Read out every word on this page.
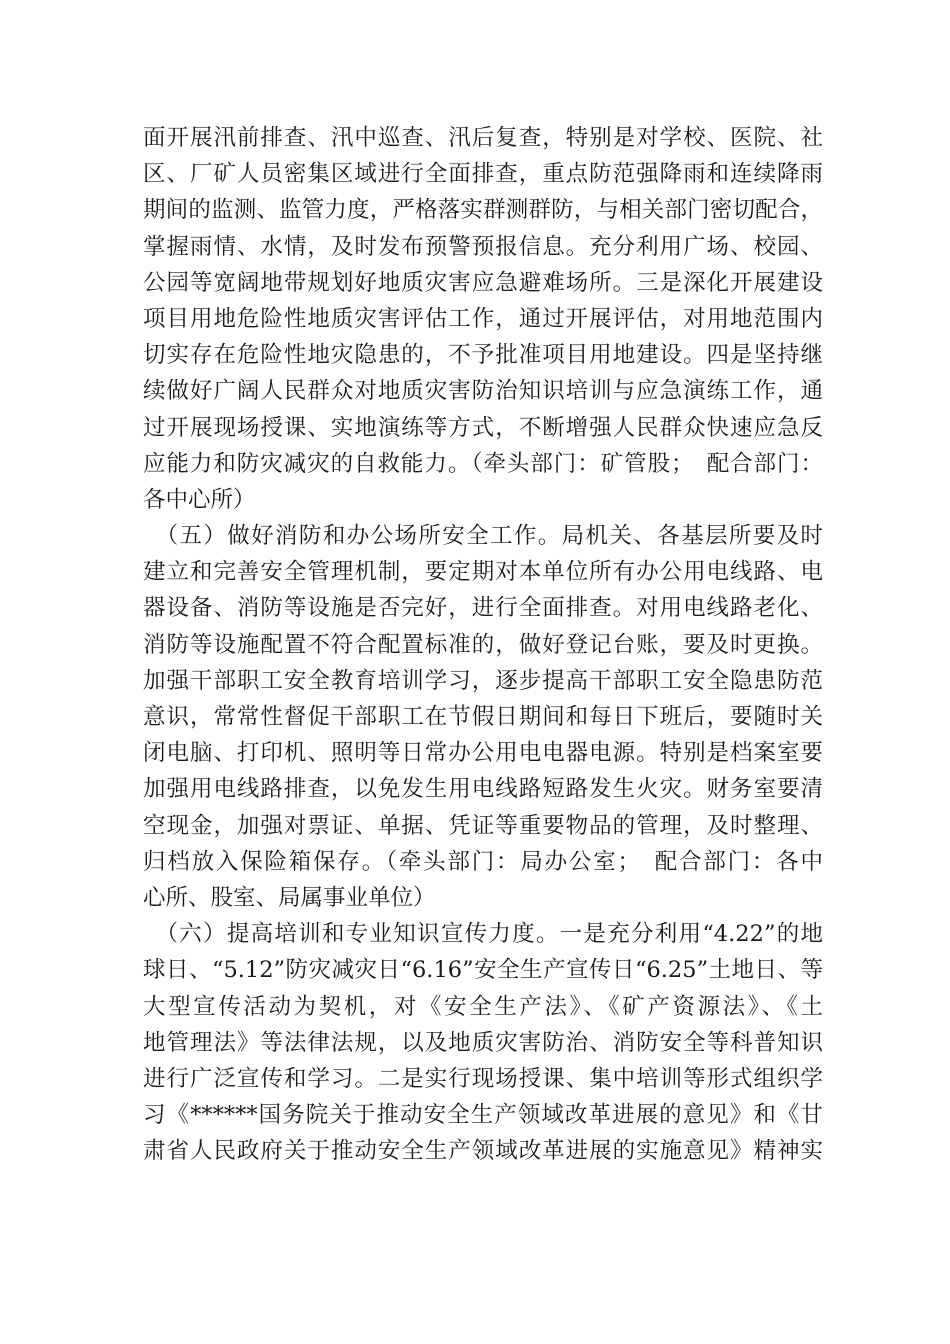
面开展汛前排查、汛中巡查、汛后复查，特别是对学校、医院、社
区、厂矿人员密集区域进行全面排查，重点防范强降雨和连续降雨
期间的监测、监管力度，严格落实群测群防，与相关部门密切配合，
掌握雨情、水情，及时发布预警预报信息。充分利用广场、校园、
公园等宽阔地带规划好地质灾害应急避难场所。三是深化开展建设
项目用地危险性地质灾害评估工作，通过开展评估，对用地范围内
切实存在危险性地灾隐患的，不予批准项目用地建设。四是坚持继
续做好广阔人民群众对地质灾害防治知识培训与应急演练工作，通
过开展现场授课、实地演练等方式，不断增强人民群众快速应急反
应能力和防灾减灾的自救能力。（牵头部门：矿管股；　配合部门：
各中心所）
　（五）做好消防和办公场所安全工作。局机关、各基层所要及时
建立和完善安全管理机制，要定期对本单位所有办公用电线路、电
器设备、消防等设施是否完好，进行全面排查。对用电线路老化、
消防等设施配置不符合配置标准的，做好登记台账，要及时更换。
加强干部职工安全教育培训学习，逐步提高干部职工安全隐患防范
意识，常常性督促干部职工在节假日期间和每日下班后，要随时关
闭电脑、打印机、照明等日常办公用电电器电源。特别是档案室要
加强用电线路排查，以免发生用电线路短路发生火灾。财务室要清
空现金，加强对票证、单据、凭证等重要物品的管理，及时整理、
归档放入保险箱保存。（牵头部门：局办公室；　配合部门：各中
心所、股室、局属事业单位）
　（六）提高培训和专业知识宣传力度。一是充分利用“4.22”的地
球日、“5.12”防灾减灾日“6.16”安全生产宣传日“6.25”土地日、等
大型宣传活动为契机，对《安全生产法》、《矿产资源法》、《土
地管理法》等法律法规，以及地质灾害防治、消防安全等科普知识
进行广泛宣传和学习。二是实行现场授课、集中培训等形式组织学
习《******国务院关于推动安全生产领域改革进展的意见》和《甘
肃省人民政府关于推动安全生产领域改革进展的实施意见》精神实
